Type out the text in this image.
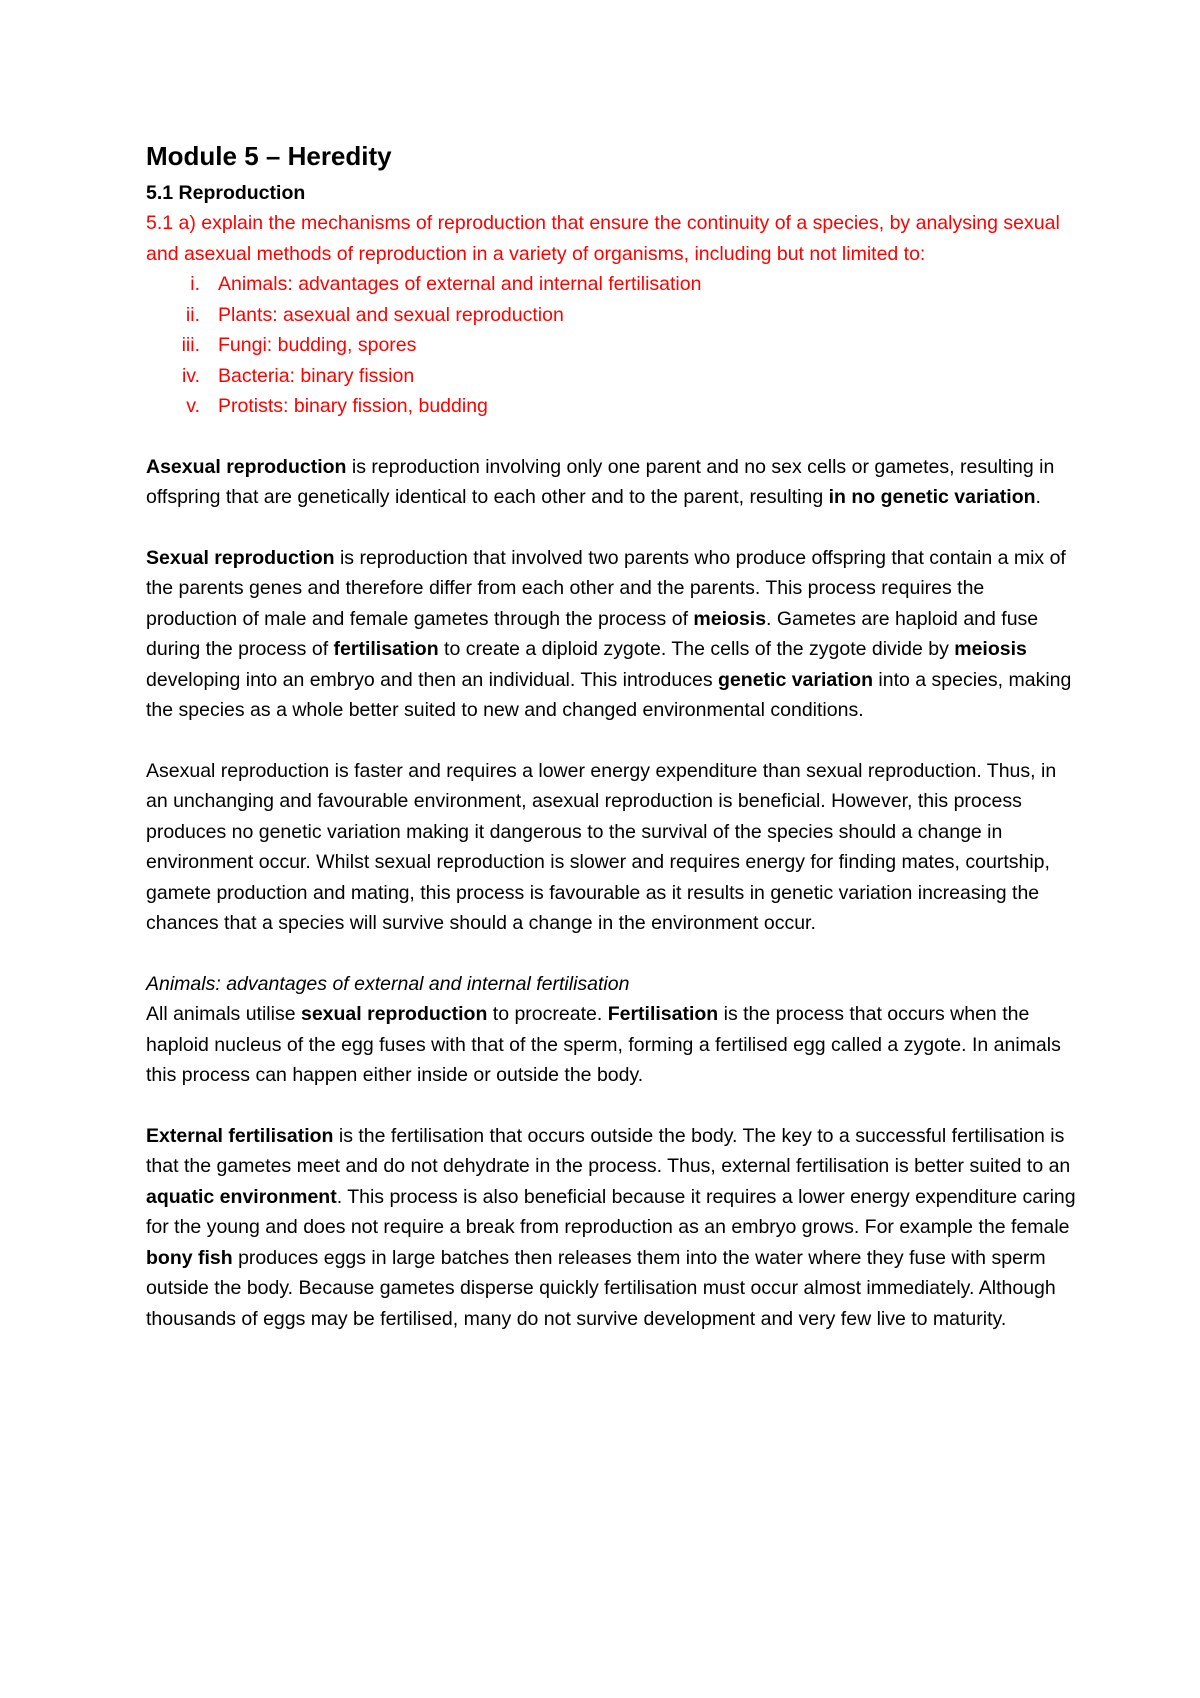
Module 5 – Heredity
5.1 Reproduction

5.1 a) explain the mechanisms of reproduction that ensure the continuity of a species, by analysing sexual and asexual methods of reproduction in a variety of organisms, including but not limited to:

i. Animals: advantages of external and internal fertilisation
ii. Plants: asexual and sexual reproduction
iii. Fungi: budding, spores
iv. Bacteria: binary fission
v. Protists: binary fission, budding

Asexual reproduction is reproduction involving only one parent and no sex cells or gametes, resulting in offspring that are genetically identical to each other and to the parent, resulting in no genetic variation.

Sexual reproduction is reproduction that involved two parents who produce offspring that contain a mix of the parents genes and therefore differ from each other and the parents. This process requires the production of male and female gametes through the process of meiosis. Gametes are haploid and fuse during the process of fertilisation to create a diploid zygote. The cells of the zygote divide by meiosis developing into an embryo and then an individual. This introduces genetic variation into a species, making the species as a whole better suited to new and changed environmental conditions.

Asexual reproduction is faster and requires a lower energy expenditure than sexual reproduction. Thus, in an unchanging and favourable environment, asexual reproduction is beneficial. However, this process produces no genetic variation making it dangerous to the survival of the species should a change in environment occur. Whilst sexual reproduction is slower and requires energy for finding mates, courtship, gamete production and mating, this process is favourable as it results in genetic variation increasing the chances that a species will survive should a change in the environment occur.

Animals: advantages of external and internal fertilisation
All animals utilise sexual reproduction to procreate. Fertilisation is the process that occurs when the haploid nucleus of the egg fuses with that of the sperm, forming a fertilised egg called a zygote. In animals this process can happen either inside or outside the body.

External fertilisation is the fertilisation that occurs outside the body. The key to a successful fertilisation is that the gametes meet and do not dehydrate in the process. Thus, external fertilisation is better suited to an aquatic environment. This process is also beneficial because it requires a lower energy expenditure caring for the young and does not require a break from reproduction as an embryo grows. For example the female bony fish produces eggs in large batches then releases them into the water where they fuse with sperm outside the body. Because gametes disperse quickly fertilisation must occur almost immediately. Although thousands of eggs may be fertilised, many do not survive development and very few live to maturity.
